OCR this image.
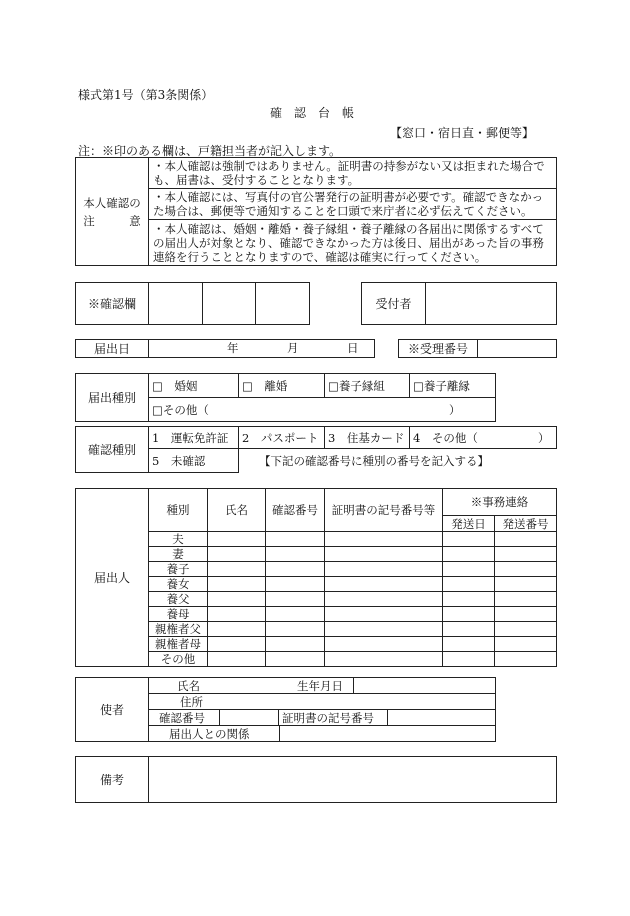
様式第1号（第3条関係）
確　認　台　帳
【窓口・宿日直・郵便等】
注：※印のある欄は、戸籍担当者が記入します。
本人確認の
注　　　意	・本人確認は強制ではありません。証明書の持参がない又は拒まれた場合でも、届書は、受付することとなります。
・本人確認には、写真付の官公署発行の証明書が必要です。確認できなかった場合は、郵便等で通知することを口頭で来庁者に必ず伝えてください。
・本人確認は、婚姻・離婚・養子縁組・養子離縁の各届出に関係するすべての届出人が対象となり、確認できなかった方は後日、届出があった旨の事務連絡を行うこととなりますので、確認は確実に行ってください。
※確認欄				受付者	
届出日	年	月	日	※受理番号	
届出種別	□　婚姻	□　離婚	□養子縁組	□養子離縁
□その他（	）
確認種別	1　運転免許証	2　パスポート	3　住基カード	4　その他（ ）

	5　未確認	【下記の確認番号に種別の番号を記入する】		
届出人	種別	氏名	確認番号	証明書の記号番号等	※事務連絡	
					発送日	発送番号
	夫					
	妻					
	養子					
	養女					
	養父					
	養母					
	親権者父					
	親権者母					
	その他					
使者	氏名 生年月日		

	住所		

	確認番号	証明書の記号番号	

	届出人との関係		
備考	
